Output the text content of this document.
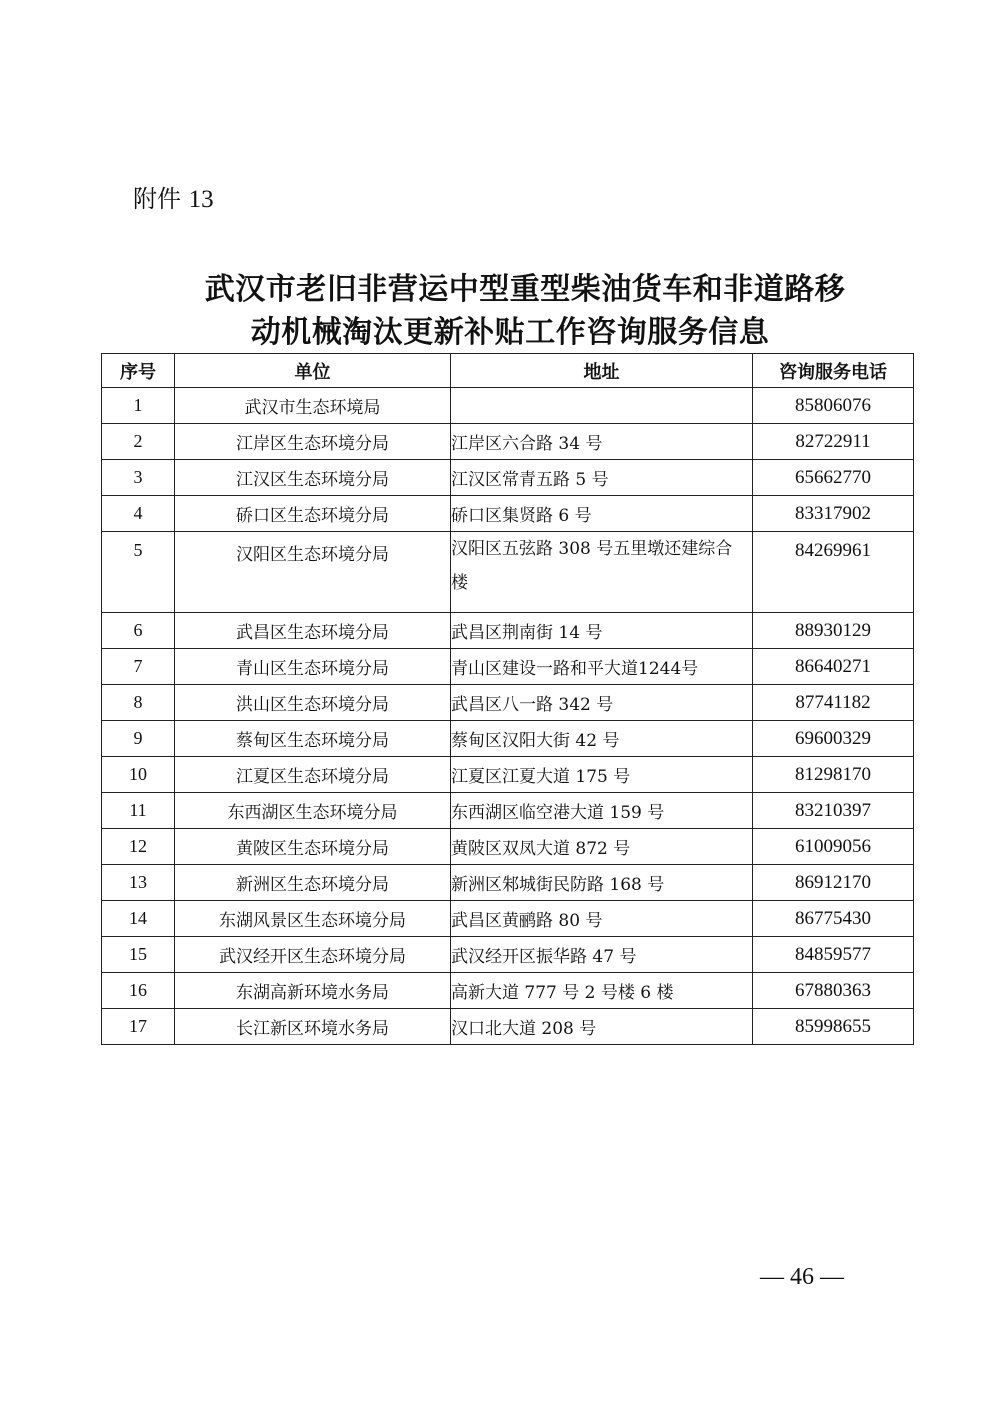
附件 13
武汉市老旧非营运中型重型柴油货车和非道路移
动机械淘汰更新补贴工作咨询服务信息
序号	单位	地址	咨询服务电话
1	武汉市生态环境局		85806076
2	江岸区生态环境分局	江岸区六合路 34 号	82722911
3	江汉区生态环境分局	江汉区常青五路 5 号	65662770
4	硚口区生态环境分局	硚口区集贤路 6 号	83317902
5	汉阳区生态环境分局	汉阳区五弦路 308 号五里墩还建综合楼	84269961
6	武昌区生态环境分局	武昌区荆南街 14 号	88930129
7	青山区生态环境分局	青山区建设一路和平大道1244号	86640271
8	洪山区生态环境分局	武昌区八一路 342 号	87741182
9	蔡甸区生态环境分局	蔡甸区汉阳大街 42 号	69600329
10	江夏区生态环境分局	江夏区江夏大道 175 号	81298170
11	东西湖区生态环境分局	东西湖区临空港大道 159 号	83210397
12	黄陂区生态环境分局	黄陂区双凤大道 872 号	61009056
13	新洲区生态环境分局	新洲区邾城街民防路 168 号	86912170
14	东湖风景区生态环境分局	武昌区黄鹂路 80 号	86775430
15	武汉经开区生态环境分局	武汉经开区振华路 47 号	84859577
16	东湖高新环境水务局	高新大道 777 号 2 号楼 6 楼	67880363
17	长江新区环境水务局	汉口北大道 208 号	85998655
— 46 —
